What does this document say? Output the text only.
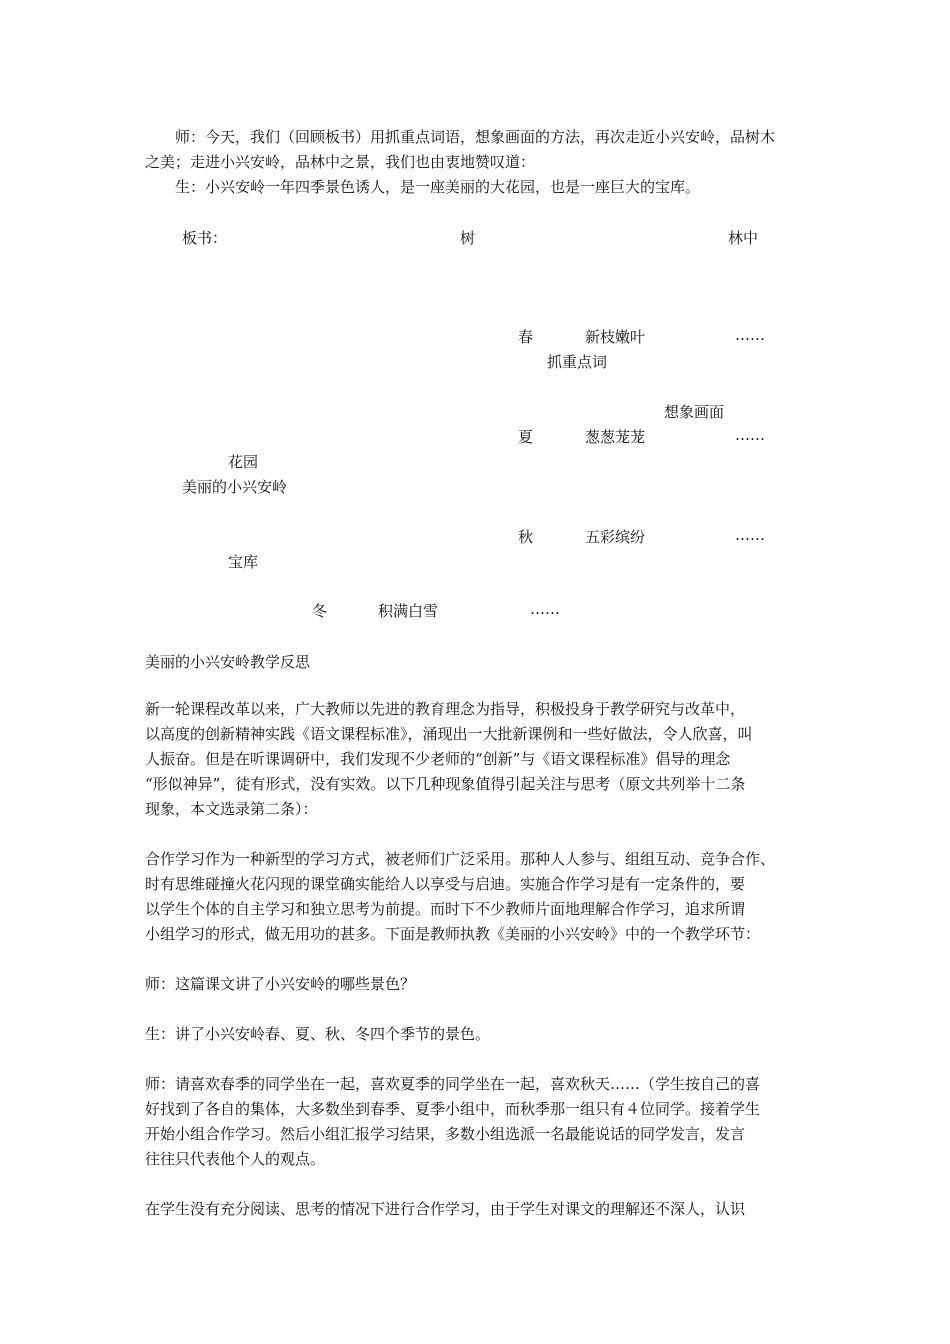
　　师：今天，我们（回顾板书）用抓重点词语，想象画面的方法，再次走近小兴安岭，品树木
之美；走进小兴安岭，品林中之景，我们也由衷地赞叹道：
　　生：小兴安岭一年四季景色诱人，是一座美丽的大花园，也是一座巨大的宝库。
板书：	树	林中
春	新枝嫩叶	……
抓重点词
想象画面
夏	葱葱茏茏	……
花园
美丽的小兴安岭
秋	五彩缤纷	……
宝库
冬	积满白雪	……
美丽的小兴安岭教学反思
新一轮课程改革以来，广大教师以先进的教育理念为指导，积极投身于教学研究与改革中，
以高度的创新精神实践《语文课程标准》，涌现出一大批新课例和一些好做法，令人欣喜，叫
人振奋。但是在听课调研中，我们发现不少老师的“创新”与《语文课程标准》倡导的理念
“形似神异”，徒有形式，没有实效。以下几种现象值得引起关注与思考（原文共列举十二条
现象，本文选录第二条）：
合作学习作为一种新型的学习方式，被老师们广泛采用。那种人人参与、组组互动、竞争合作、
时有思维碰撞火花闪现的课堂确实能给人以享受与启迪。实施合作学习是有一定条件的，要
以学生个体的自主学习和独立思考为前提。而时下不少教师片面地理解合作学习，追求所谓
小组学习的形式，做无用功的甚多。下面是教师执教《美丽的小兴安岭》中的一个教学环节：
师：这篇课文讲了小兴安岭的哪些景色？
生：讲了小兴安岭春、夏、秋、冬四个季节的景色。
师：请喜欢春季的同学坐在一起，喜欢夏季的同学坐在一起，喜欢秋天……（学生按自己的喜
好找到了各自的集体，大多数坐到春季、夏季小组中，而秋季那一组只有４位同学。接着学生
开始小组合作学习。然后小组汇报学习结果，多数小组选派一名最能说话的同学发言，发言
往往只代表他个人的观点。
在学生没有充分阅读、思考的情况下进行合作学习，由于学生对课文的理解还不深人，认识
